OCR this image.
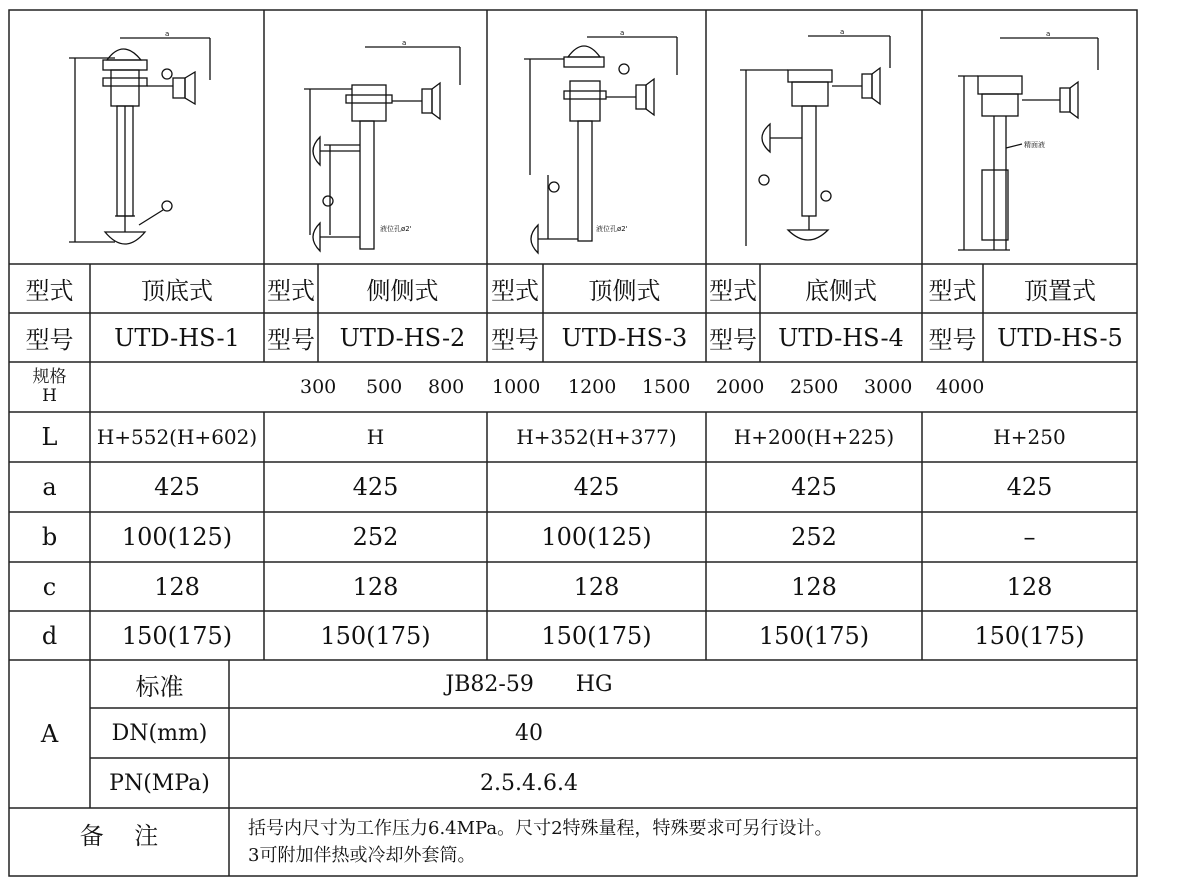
a
a
液位孔ø2'
a
液位孔ø2'
a	a
精面液
型式	顶底式	型式	侧侧式	型式	顶侧式	型式	底侧式	型式	顶置式
型号	UTD-HS-1	型号	UTD-HS-2	型号 UTD-HS-3 型号 UTD-HS-4	型号 UTD-HS-5
规格
H	300 500 800 1000 1200 1500 2000 2500 3000 4000
L	H+552(H+602)	H	H+352(H+377)	H+200(H+225)	H+250
a	425	425	425	425	425
b	100(125)	252	100(125)	252	–
c	128	128	128	128	128
d	150(175)	150(175)	150(175)	150(175)	150(175)
A
标准	JB82-59      HG
DN(mm)	40
PN(MPa)	2.5.4.6.4
备    注	括号内尺寸为工作压力6.4MPa。尺寸2特殊量程，特殊要求可另行设计。
3可附加伴热或冷却外套筒。
